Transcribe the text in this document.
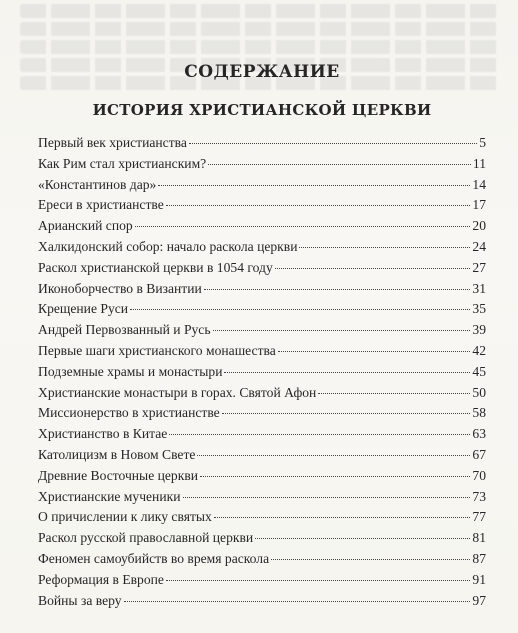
СОДЕРЖАНИЕ
ИСТОРИЯ ХРИСТИАНСКОЙ ЦЕРКВИ
Первый век христианства	5
Как Рим стал христианским?	11
«Константинов дар»	14
Ереси в христианстве	17
Арианский спор	20
Халкидонский собор: начало раскола церкви	24
Раскол христианской церкви в 1054 году	27
Иконоборчество в Византии	31
Крещение Руси	35
Андрей Первозванный и Русь	39
Первые шаги христианского монашества	42
Подземные храмы и монастыри	45
Христианские монастыри в горах. Святой Афон	50
Миссионерство в христианстве	58
Христианство в Китае	63
Католицизм в Новом Свете	67
Древние Восточные церкви	70
Христианские мученики	73
О причислении к лику святых	77
Раскол русской православной церкви	81
Феномен самоубийств во время раскола	87
Реформация в Европе	91
Войны за веру	97
